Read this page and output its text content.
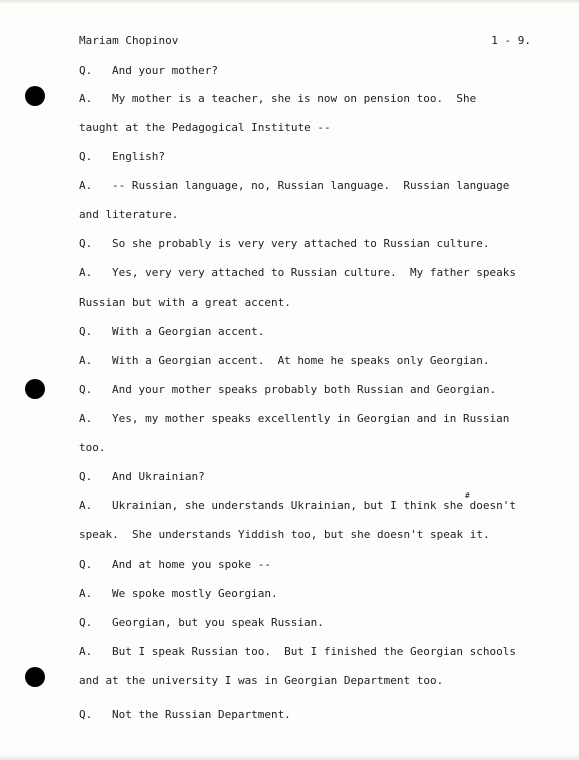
Mariam Chopinov	1 - 9.
Q. And your mother?
A. My mother is a teacher, she is now on pension too.  She
taught at the Pedagogical Institute --
Q. English?
A. -- Russian language, no, Russian language.  Russian language
and literature.
Q. So she probably is very very attached to Russian culture.
A. Yes, very very attached to Russian culture.  My father speaks
Russian but with a great accent.
Q. With a Georgian accent.
A. With a Georgian accent.  At home he speaks only Georgian.
Q. And your mother speaks probably both Russian and Georgian.
A. Yes, my mother speaks excellently in Georgian and in Russian
too.
Q. And Ukrainian?
#
A. Ukrainian, she understands Ukrainian, but I think she doesn't
speak.  She understands Yiddish too, but she doesn't speak it.
Q. And at home you spoke --
A. We spoke mostly Georgian.
Q. Georgian, but you speak Russian.
A. But I speak Russian too.  But I finished the Georgian schools
and at the university I was in Georgian Department too.
Q. Not the Russian Department.
